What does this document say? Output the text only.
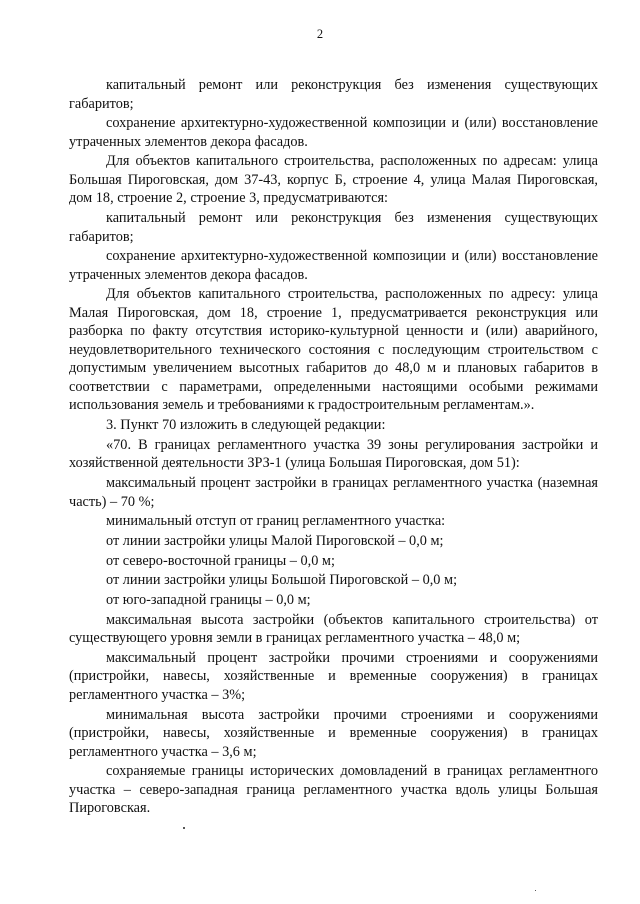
2

капитальный ремонт или реконструкция без изменения существующих габаритов;

сохранение архитектурно-художественной композиции и (или) восстановление утраченных элементов декора фасадов.

Для объектов капитального строительства, расположенных по адресам: улица Большая Пироговская, дом 37-43, корпус Б, строение 4, улица Малая Пироговская, дом 18, строение 2, строение 3, предусматриваются:

капитальный ремонт или реконструкция без изменения существующих габаритов;

сохранение архитектурно-художественной композиции и (или) восстановление утраченных элементов декора фасадов.

Для объектов капитального строительства, расположенных по адресу: улица Малая Пироговская, дом 18, строение 1, предусматривается реконструкция или разборка по факту отсутствия историко-культурной ценности и (или) аварийного, неудовлетворительного технического состояния с последующим строительством с допустимым увеличением высотных габаритов до 48,0 м и плановых габаритов в соответствии с параметрами, определенными настоящими особыми режимами использования земель и требованиями к градостроительным регламентам.».

3. Пункт 70 изложить в следующей редакции:

«70. В границах регламентного участка 39 зоны регулирования застройки и хозяйственной деятельности ЗРЗ-1 (улица Большая Пироговская, дом 51):

максимальный процент застройки в границах регламентного участка (наземная часть) – 70 %;

минимальный отступ от границ регламентного участка:

от линии застройки улицы Малой Пироговской – 0,0 м;

от северо-восточной границы – 0,0 м;

от линии застройки улицы Большой Пироговской – 0,0 м;

от юго-западной границы – 0,0 м;

максимальная высота застройки (объектов капитального строительства) от существующего уровня земли в границах регламентного участка – 48,0 м;

максимальный процент застройки прочими строениями и сооружениями (пристройки, навесы, хозяйственные и временные сооружения) в границах регламентного участка – 3%;

минимальная высота застройки прочими строениями и сооружениями (пристройки, навесы, хозяйственные и временные сооружения) в границах регламентного участка – 3,6 м;

сохраняемые границы исторических домовладений в границах регламентного участка – северо-западная граница регламентного участка вдоль улицы Большая Пироговская.
